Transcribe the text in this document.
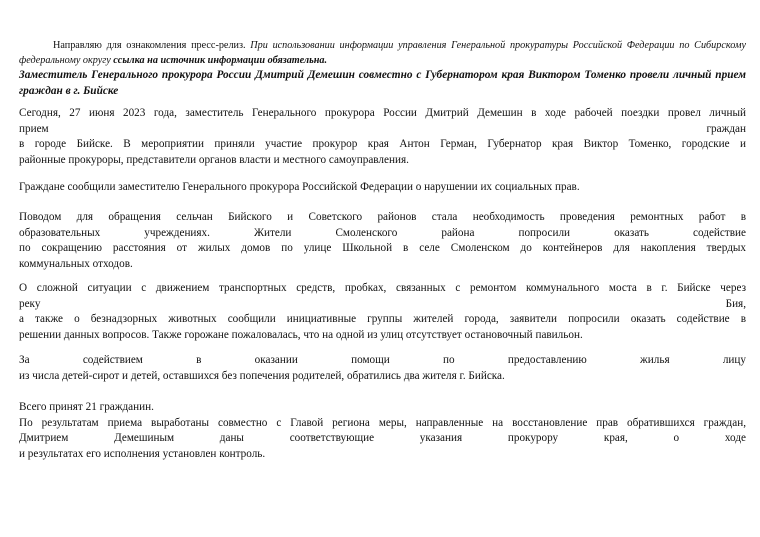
Направляю для ознакомления пресс-релиз. При использовании информации управления Генеральной прокуратуры Российской Федерации по Сибирскому федеральному округу ссылка на источник информации обязательна.
Заместитель Генерального прокурора России Дмитрий Демешин совместно с Губернатором края Виктором Томенко провели личный прием граждан в г. Бийске
Сегодня, 27 июня 2023 года, заместитель Генерального прокурора России Дмитрий Демешин в ходе рабочей поездки провел личный
прием	граждан
в городе Бийске. В мероприятии приняли участие прокурор края Антон Герман, Губернатор края Виктор Томенко, городские и
районные прокуроры, представители органов власти и местного самоуправления.
Граждане сообщили заместителю Генерального прокурора Российской Федерации о нарушении их социальных прав.
Поводом для обращения сельчан Бийского и Советского районов стала необходимость проведения ремонтных работ в
образовательных учреждениях. Жители Смоленского района попросили оказать содействие
по сокращению расстояния от жилых домов по улице Школьной в селе Смоленском до контейнеров для накопления твердых
коммунальных отходов.
О сложной ситуации с движением транспортных средств, пробках, связанных с ремонтом коммунального моста в г. Бийске через
реку	Бия,
а также о безнадзорных животных сообщили инициативные группы жителей города, заявители попросили оказать содействие в
решении данных вопросов. Также горожане пожаловалась, что на одной из улиц отсутствует остановочный павильон.
За содействием в оказании помощи по предоставлению жилья лицу
из числа детей-сирот и детей, оставшихся без попечения родителей, обратились два жителя г. Бийска.
Всего принят 21 гражданин.
По результатам приема выработаны совместно с Главой региона меры, направленные на восстановление прав обратившихся граждан,
Дмитрием Демешиным даны соответствующие указания прокурору края, о ходе
и результатах его исполнения установлен контроль.
